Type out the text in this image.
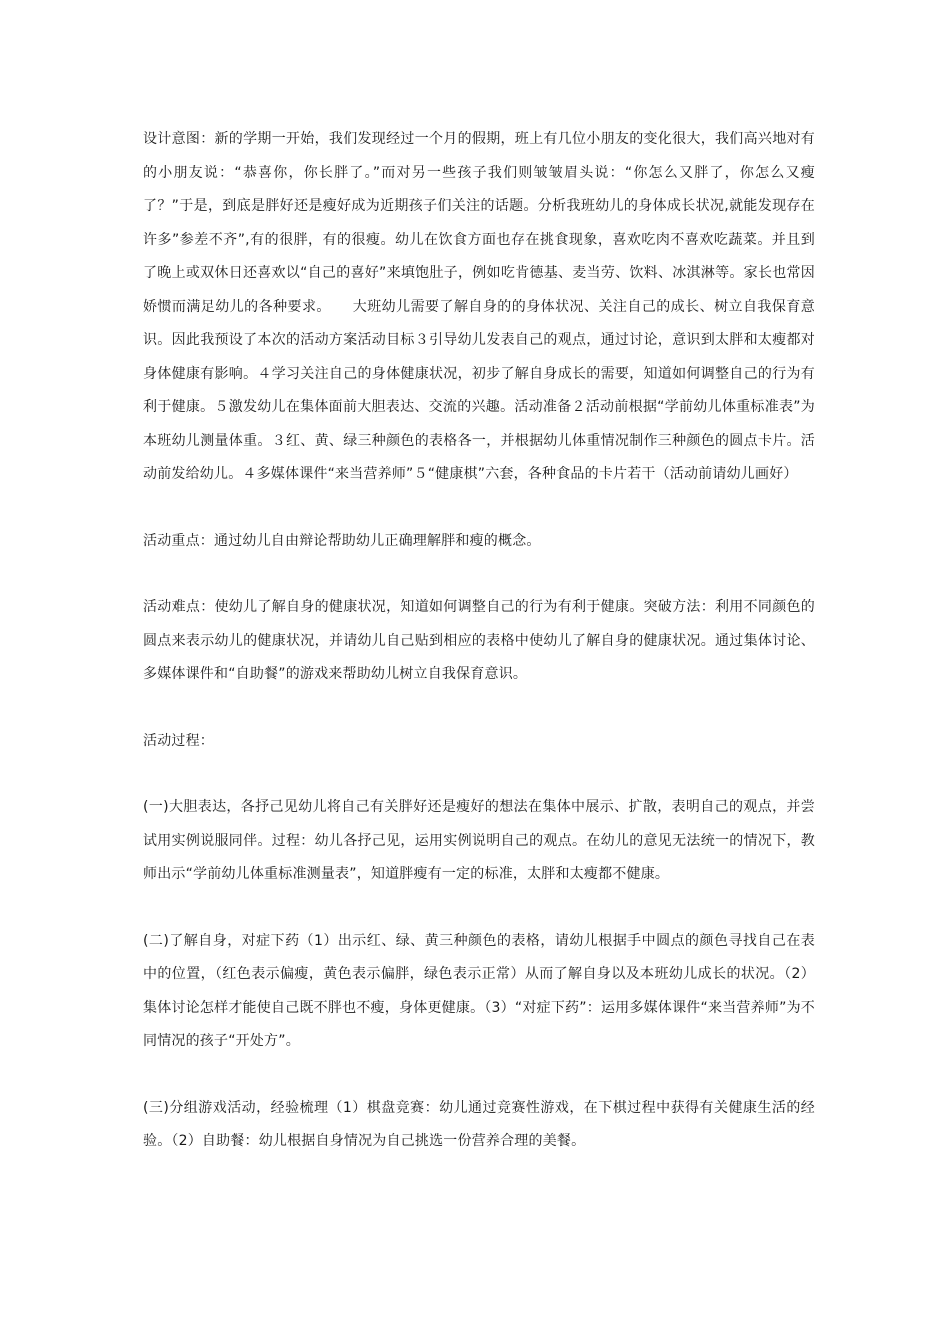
设计意图：新的学期一开始，我们发现经过一个月的假期，班上有几位小朋友的变化很大，我们高兴地对有的小朋友说：“恭喜你，你长胖了。”而对另一些孩子我们则皱皱眉头说：“你怎么又胖了，你怎么又瘦了？”于是，到底是胖好还是瘦好成为近期孩子们关注的话题。分析我班幼儿的身体成长状况,就能发现存在许多”参差不齐”,有的很胖，有的很瘦。幼儿在饮食方面也存在挑食现象，喜欢吃肉不喜欢吃蔬菜。并且到了晚上或双休日还喜欢以“自己的喜好”来填饱肚子，例如吃肯德基、麦当劳、饮料、冰淇淋等。家长也常因娇惯而满足幼儿的各种要求。　　大班幼儿需要了解自身的的身体状况、关注自己的成长、树立自我保育意识。因此我预设了本次的活动方案活动目标３引导幼儿发表自己的观点，通过讨论，意识到太胖和太瘦都对身体健康有影响。４学习关注自己的身体健康状况，初步了解自身成长的需要，知道如何调整自己的行为有利于健康。５激发幼儿在集体面前大胆表达、交流的兴趣。活动准备２活动前根据“学前幼儿体重标准表”为本班幼儿测量体重。３红、黄、绿三种颜色的表格各一，并根据幼儿体重情况制作三种颜色的圆点卡片。活动前发给幼儿。４多媒体课件“来当营养师”５“健康棋”六套，各种食品的卡片若干（活动前请幼儿画好）

活动重点：通过幼儿自由辩论帮助幼儿正确理解胖和瘦的概念。

活动难点：使幼儿了解自身的健康状况，知道如何调整自己的行为有利于健康。突破方法：利用不同颜色的圆点来表示幼儿的健康状况，并请幼儿自己贴到相应的表格中使幼儿了解自身的健康状况。通过集体讨论、多媒体课件和“自助餐”的游戏来帮助幼儿树立自我保育意识。

活动过程：

(一)大胆表达，各抒己见幼儿将自己有关胖好还是瘦好的想法在集体中展示、扩散，表明自己的观点，并尝试用实例说服同伴。过程：幼儿各抒己见，运用实例说明自己的观点。在幼儿的意见无法统一的情况下，教师出示“学前幼儿体重标准测量表”，知道胖瘦有一定的标准，太胖和太瘦都不健康。

(二)了解自身，对症下药（1）出示红、绿、黄三种颜色的表格，请幼儿根据手中圆点的颜色寻找自己在表中的位置，（红色表示偏瘦，黄色表示偏胖，绿色表示正常）从而了解自身以及本班幼儿成长的状况。（2）集体讨论怎样才能使自己既不胖也不瘦，身体更健康。（3）“对症下药”：运用多媒体课件“来当营养师”为不同情况的孩子“开处方”。

(三)分组游戏活动，经验梳理（1）棋盘竞赛：幼儿通过竞赛性游戏，在下棋过程中获得有关健康生活的经验。（2）自助餐：幼儿根据自身情况为自己挑选一份营养合理的美餐。
